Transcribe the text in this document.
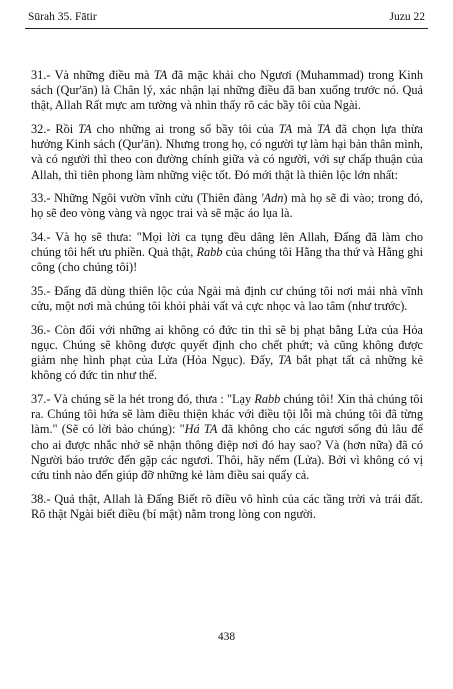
Sūrah 35. Fātir	Juzu 22

31.- Và những điều mà TA đã mặc khải cho Ngươi (Muhammad) trong Kinh sách (Qur'ān) là Chân lý, xác nhận lại những điều đã ban xuống trước nó. Quả thật, Allah Rất mực am tường và nhìn thấy rõ các bầy tôi của Ngài.

32.- Rồi TA cho những ai trong số bầy tôi của TA mà TA đã chọn lựa thừa hưởng Kinh sách (Qur'ān). Nhưng trong họ, có người tự làm hại bản thân mình, và có người thì theo con đường chính giữa và có người, với sự chấp thuận của Allah, thì tiên phong làm những việc tốt. Đó mới thật là thiên lộc lớn nhất:

33.- Những Ngôi vườn vĩnh cửu (Thiên đàng 'Adn) mà họ sẽ đi vào; trong đó, họ sẽ đeo vòng vàng và ngọc trai và sẽ mặc áo lụa là.

34.- Và họ sẽ thưa: "Mọi lời ca tụng đều dâng lên Allah, Đấng đã làm cho chúng tôi hết ưu phiền. Quả thật, Rabb của chúng tôi Hằng tha thứ và Hằng ghi công (cho chúng tôi)!

35.- Đấng đã dùng thiên lộc của Ngài mà định cư chúng tôi nơi mái nhà vĩnh cửu, một nơi mà chúng tôi khỏi phải vất vả cực nhọc và lao tâm (như trước).

36.- Còn đối với những ai không có đức tin thì sẽ bị phạt bằng Lửa của Hỏa ngục. Chúng sẽ không được quyết định cho chết phứt; và cũng không được giảm nhẹ hình phạt của Lửa (Hỏa Ngục). Đấy, TA bắt phạt tất cả những kẻ không có đức tin như thế.

37.- Và chúng sẽ la hét trong đó, thưa : "Lạy Rabb chúng tôi! Xin thả chúng tôi ra. Chúng tôi hứa sẽ làm điều thiện khác với điều tội lỗi mà chúng tôi đã từng làm." (Sẽ có lời bảo chúng): "Há TA đã không cho các ngươi sống đủ lâu để cho ai được nhắc nhở sẽ nhận thông điệp nơi đó hay sao? Và (hơn nữa) đã có Người báo trước đến gặp các ngươi. Thôi, hãy nếm (Lửa). Bởi vì không có vị cứu tinh nào đến giúp đỡ những kẻ làm điều sai quấy cả.

38.- Quả thật, Allah là Đấng Biết rõ điều vô hình của các tầng trời và trái đất. Rõ thật Ngài biết điều (bí mật) nằm trong lòng con người.

438
